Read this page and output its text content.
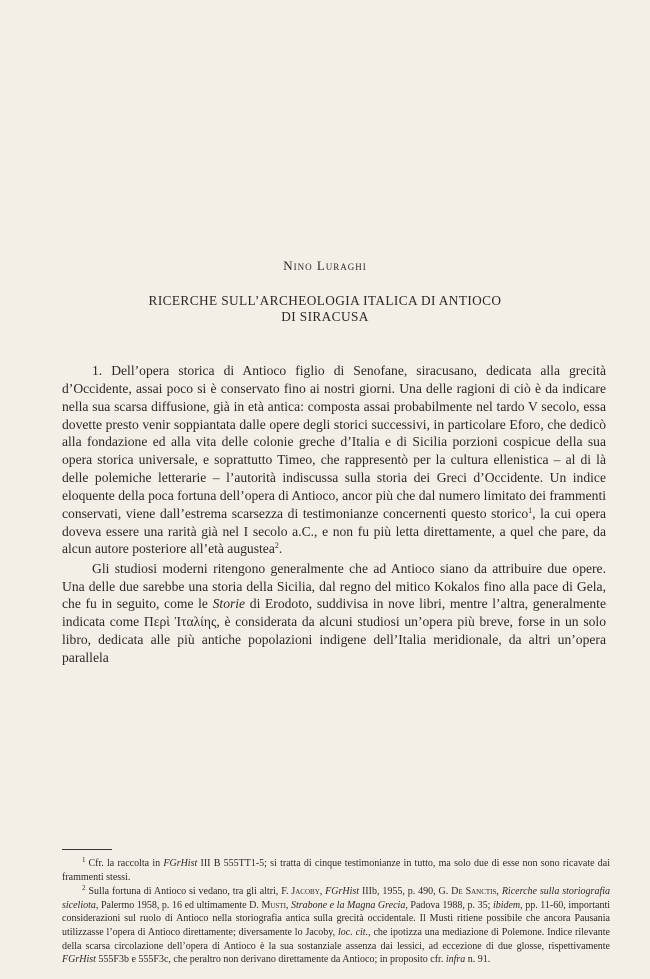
Nino Luraghi
RICERCHE SULL’ARCHEOLOGIA ITALICA DI ANTIOCO
DI SIRACUSA

1. Dell’opera storica di Antioco figlio di Senofane, siracusano, dedicata alla grecità d’Occidente, assai poco si è conservato fino ai nostri giorni. Una delle ragioni di ciò è da indicare nella sua scarsa diffusione, già in età antica: composta assai probabilmente nel tardo V secolo, essa dovette presto venir soppiantata dalle opere degli storici successivi, in particolare Eforo, che dedicò alla fondazione ed alla vita delle colonie greche d’Italia e di Sicilia porzioni cospicue della sua opera storica universale, e soprattutto Timeo, che rappresentò per la cultura ellenistica – al di là delle polemiche letterarie – l’autorità indiscussa sulla storia dei Greci d’Occidente. Un indice eloquente della poca fortuna dell’opera di Antioco, ancor più che dal numero limitato dei frammenti conservati, viene dall’estrema scarsezza di testimonianze concernenti questo storico$^1$, la cui opera doveva essere una rarità già nel I secolo a.C., e non fu più letta direttamente, a quel che pare, da alcun autore posteriore all’età augustea$^2$.

Gli studiosi moderni ritengono generalmente che ad Antioco siano da attribuire due opere. Una delle due sarebbe una storia della Sicilia, dal regno del mitico Kokalos fino alla pace di Gela, che fu in seguito, come le Storie di Erodoto, suddivisa in nove libri, mentre l’altra, generalmente indicata come Περὶ Ἰταλίης, è considerata da alcuni studiosi un’opera più breve, forse in un solo libro, dedicata alle più antiche popolazioni indigene dell’Italia meridionale, da altri un’opera parallela

$^1$ Cfr. la raccolta in FGrHist III B 555TT1-5; si tratta di cinque testimonianze in tutto, ma solo due di esse non sono ricavate dai frammenti stessi.

$^2$ Sulla fortuna di Antioco si vedano, tra gli altri, F. Jacoby, FGrHist IIIb, 1955, p. 490, G. De Sanctis, Ricerche sulla storiografia siceliota, Palermo 1958, p. 16 ed ultimamente D. Musti, Strabone e la Magna Grecia, Padova 1988, p. 35; ibidem, pp. 11-60, importanti considerazioni sul ruolo di Antioco nella storiografia antica sulla grecità occidentale. Il Musti ritiene possibile che ancora Pausania utilizzasse l’opera di Antioco direttamente; diversamente lo Jacoby, loc. cit., che ipotizza una mediazione di Polemone. Indice rilevante della scarsa circolazione dell’opera di Antioco è la sua sostanziale assenza dai lessici, ad eccezione di due glosse, rispettivamente FGrHist 555F3b e 555F3c, che peraltro non derivano direttamente da Antioco; in proposito cfr. infra n. 91.
